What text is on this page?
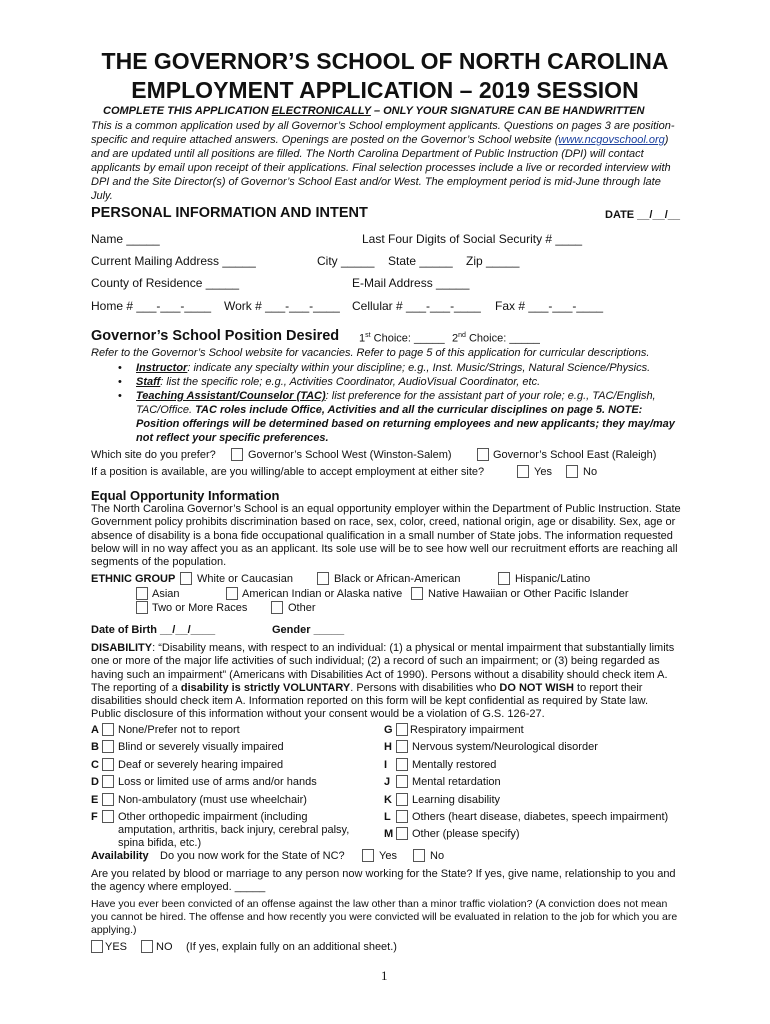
THE GOVERNOR’S SCHOOL OF NORTH CAROLINA
EMPLOYMENT APPLICATION – 2019 SESSION
COMPLETE THIS APPLICATION ELECTRONICALLY – ONLY YOUR SIGNATURE CAN BE HANDWRITTEN
This is a common application used by all Governor’s School employment applicants. Questions on pages 3 are position-specific and require attached answers. Openings are posted on the Governor’s School website (www.ncgovschool.org) and are updated until all positions are filled. The North Carolina Department of Public Instruction (DPI) will contact applicants by email upon receipt of their applications. Final selection processes include a live or recorded interview with DPI and the Site Director(s) of Governor’s School East and/or West. The employment period is mid-June through late July.
PERSONAL INFORMATION AND INTENT	DATE __/__/__
Name _____	Last Four Digits of Social Security # ____
Current Mailing Address _____	City _____ State _____ Zip _____
County of Residence _____	E-Mail Address _____
Home # ___-___-____ Work # ___-___-____ Cellular # ___-___-____ Fax # ___-___-____
Governor’s School Position Desired 1st Choice: _____ 2nd Choice: _____
Refer to the Governor’s School website for vacancies. Refer to page 5 of this application for curricular descriptions.
• Instructor: indicate any specialty within your discipline; e.g., Inst. Music/Strings, Natural Science/Physics.
• Staff: list the specific role; e.g., Activities Coordinator, AudioVisual Coordinator, etc.
• Teaching Assistant/Counselor (TAC): list preference for the assistant part of your role; e.g., TAC/English, TAC/Office. TAC roles include Office, Activities and all the curricular disciplines on page 5. NOTE: Position offerings will be determined based on returning employees and new applicants; they may/may not reflect your specific preferences.
Which site do you prefer?	Governor’s School West (Winston-Salem)	Governor’s School East (Raleigh)
If a position is available, are you willing/able to accept employment at either site?	Yes	No
Equal Opportunity Information
The North Carolina Governor’s School is an equal opportunity employer within the Department of Public Instruction. State Government policy prohibits discrimination based on race, sex, color, creed, national origin, age or disability. Sex, age or absence of disability is a bona fide occupational qualification in a small number of State jobs. The information requested below will in no way affect you as an applicant. Its sole use will be to see how well our recruitment efforts are reaching all segments of the population.
ETHNIC GROUP White or Caucasian	Black or African-American	Hispanic/Latino
Asian	American Indian or Alaska native Native Hawaiian or Other Pacific Islander
Two or More Races	Other
Date of Birth __/__/____	Gender _____
DISABILITY: “Disability means, with respect to an individual: (1) a physical or mental impairment that substantially limits one or more of the major life activities of such individual; (2) a record of such an impairment; or (3) being regarded as having such an impairment” (Americans with Disabilities Act of 1990). Persons without a disability should check item A. The reporting of a disability is strictly VOLUNTARY. Persons with disabilities who DO NOT WISH to report their disabilities should check item A. Information reported on this form will be kept confidential as required by State law. Public disclosure of this information without your consent would be a violation of G.S. 126-27.
A None/Prefer not to report
B Blind or severely visually impaired
C Deaf or severely hearing impaired
D Loss or limited use of arms and/or hands
E Non-ambulatory (must use wheelchair)
F Other orthopedic impairment (including
amputation, arthritis, back injury, cerebral palsy,
spina bifida, etc.)
G Respiratory impairment
H Nervous system/Neurological disorder
I Mentally restored
J Mental retardation
K Learning disability
L Others (heart disease, diabetes, speech impairment)
M Other (please specify)
Availability Do you now work for the State of NC?	Yes	No
Are you related by blood or marriage to any person now working for the State? If yes, give name, relationship to you and the agency where employed. _____
Have you ever been convicted of an offense against the law other than a minor traffic violation? (A conviction does not mean you cannot be hired. The offense and how recently you were convicted will be evaluated in relation to the job for which you are applying.)
YES	NO (If yes, explain fully on an additional sheet.)
1
